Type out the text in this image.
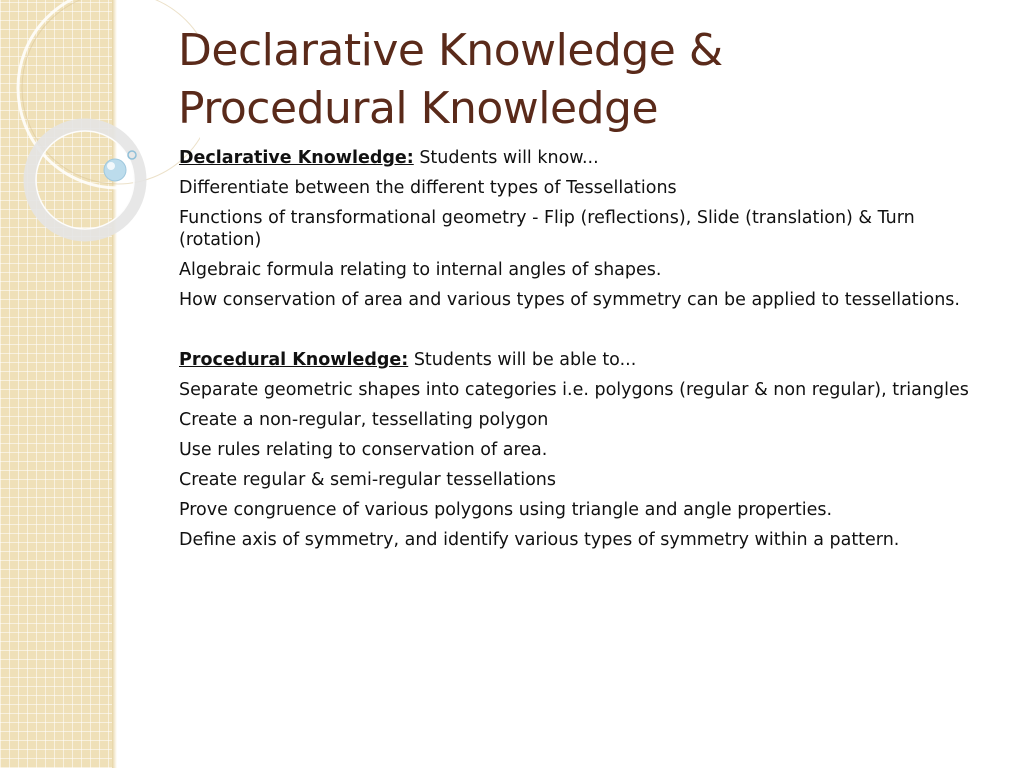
Declarative Knowledge &
Procedural Knowledge

Declarative Knowledge: Students will know...

Differentiate between the different types of Tessellations

Functions of transformational geometry - Flip (reflections), Slide (translation) & Turn (rotation)

Algebraic formula relating to internal angles of shapes.

How conservation of area and various types of symmetry can be applied to tessellations.

Procedural Knowledge: Students will be able to...

Separate geometric shapes into categories i.e. polygons (regular & non regular), triangles

Create a non-regular, tessellating polygon

Use rules relating to conservation of area.

Create regular & semi-regular tessellations

Prove congruence of various polygons using triangle and angle properties.

Define axis of symmetry, and identify various types of symmetry within a pattern.
